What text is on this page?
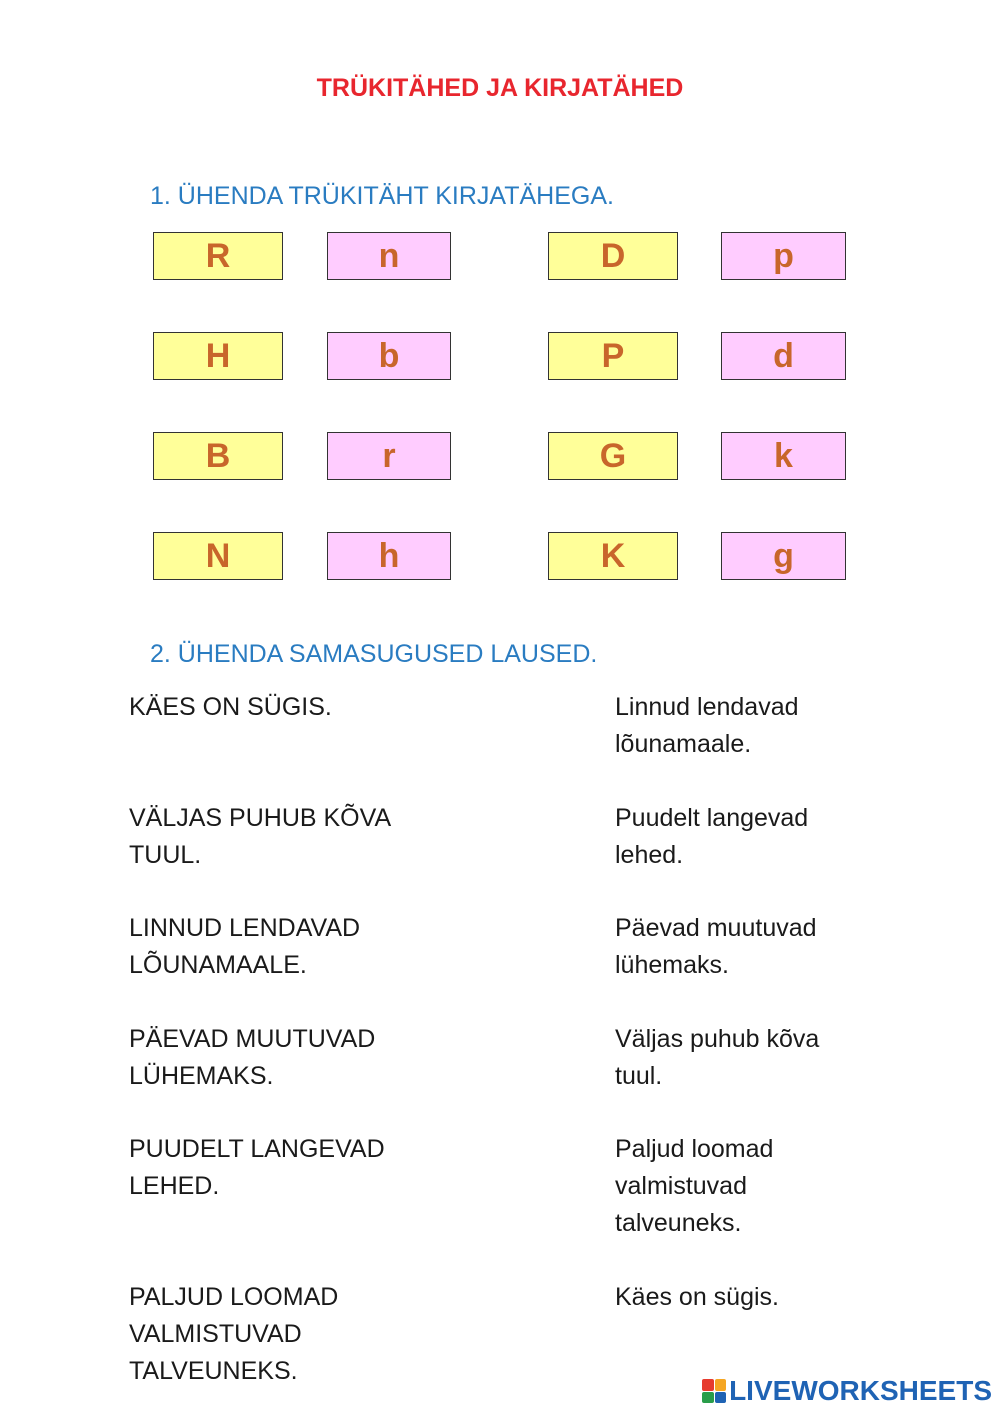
TRÜKITÄHED JA KIRJATÄHED
1. ÜHENDA TRÜKITÄHT KIRJATÄHEGA.
R	n	D	p
H	b	P	d
B	r	G	k
N	h	K	g
2. ÜHENDA SAMASUGUSED LAUSED.
KÄES ON SÜGIS.
VÄLJAS PUHUB KÕVA TUUL.
LINNUD LENDAVAD LÕUNAMAALE.
PÄEVAD MUUTUVAD LÜHEMAKS.
PUUDELT LANGEVAD LEHED.
PALJUD LOOMAD VALMISTUVAD TALVEUNEKS.
Linnud lendavad lõunamaale.
Puudelt langevad lehed.
Päevad muutuvad lühemaks.
Väljas puhub kõva tuul.
Paljud loomad valmistuvad talveuneks.
Käes on sügis.
LIVEWORKSHEETS
